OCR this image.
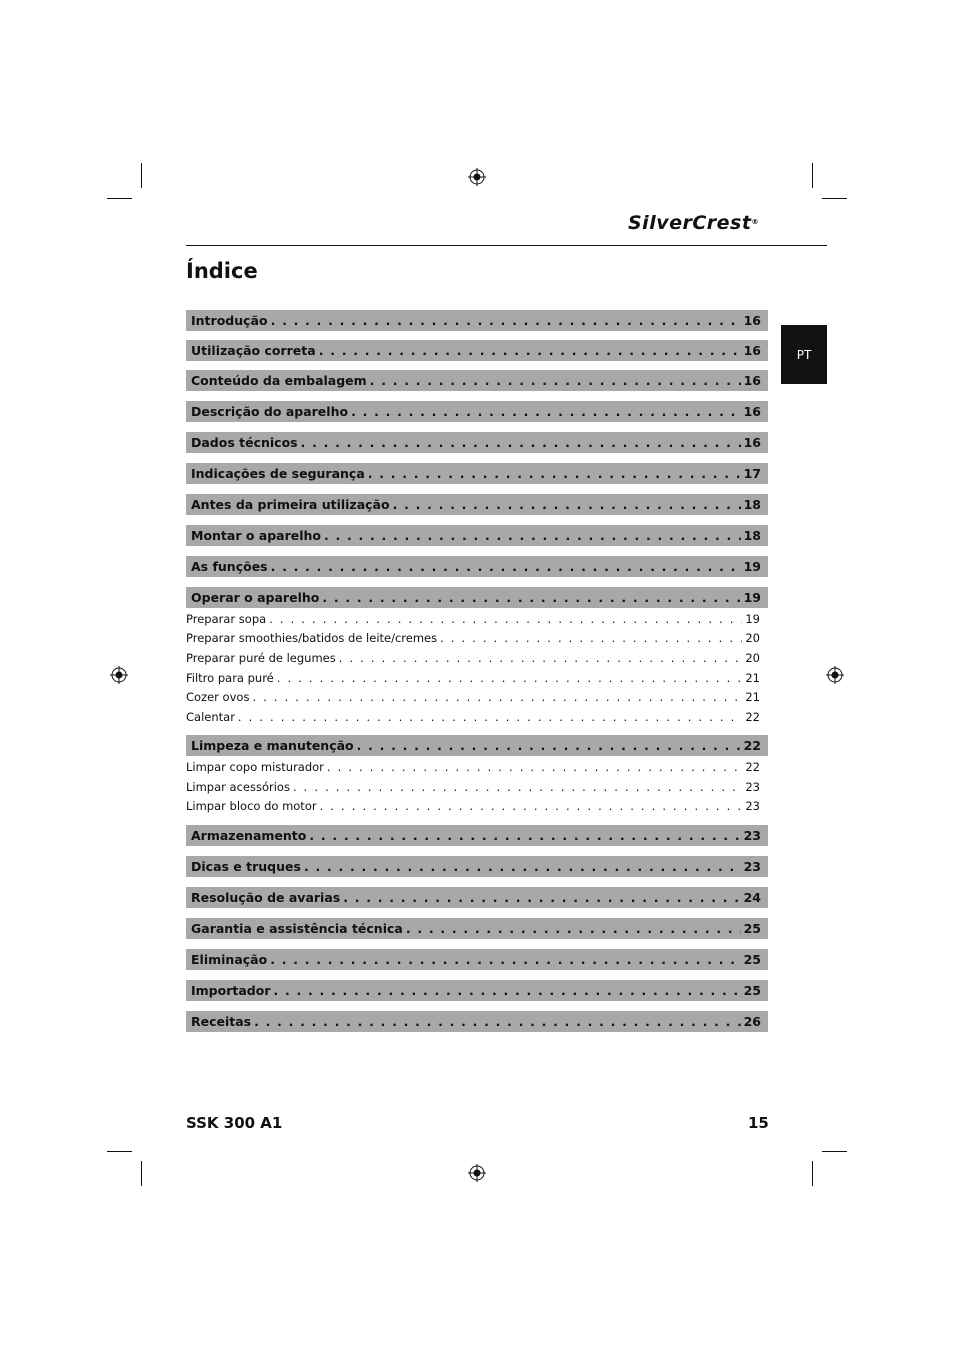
SilverCrest®
Índice
PT
Introdução . . .	16
Utilização correta . . .	16
Conteúdo da embalagem . . .	16
Descrição do aparelho . . .	16
Dados técnicos . . .	16
Indicações de segurança . . .	17
Antes da primeira utilização . . .	18
Montar o aparelho . . .	18
As funções . . .	19
Operar o aparelho . . .	19
Preparar sopa . . .	19
Preparar smoothies/batidos de leite/cremes . . .	20
Preparar puré de legumes . . .	20
Filtro para puré . . .	21
Cozer ovos . . .	21
Calentar . . .	22
Limpeza e manutenção . . .	22
Limpar copo misturador . . .	22
Limpar acessórios . . .	23
Limpar bloco do motor . . .	23
Armazenamento . . .	23
Dicas e truques . . .	23
Resolução de avarias . . .	24
Garantia e assistência técnica . . .	25
Eliminação . . .	25
Importador . . .	25
Receitas . . .	26
SSK 300 A1	15
